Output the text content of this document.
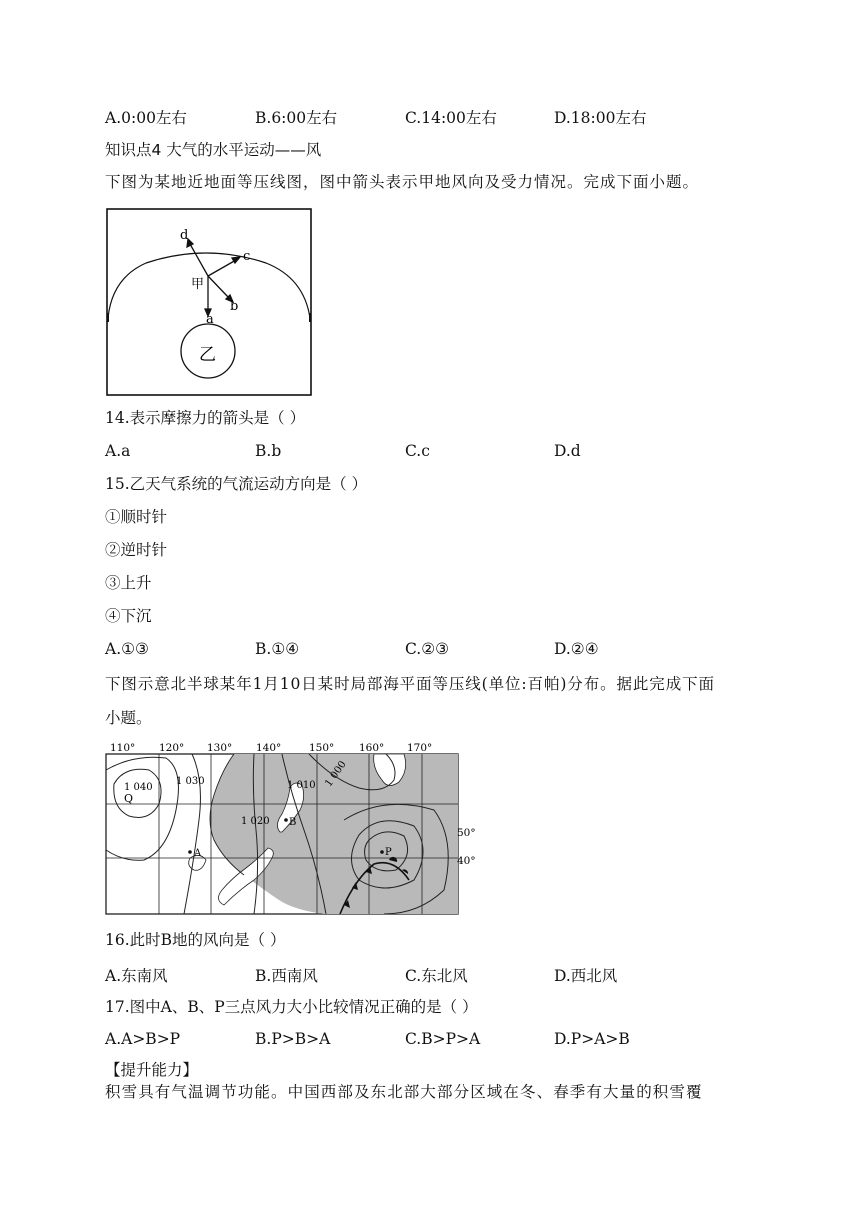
A.0:00左右	B.6:00左右	C.14:00左右	D.18:00左右
知识点4 大气的水平运动——风
下图为某地近地面等压线图，图中箭头表示甲地风向及受力情况。完成下面小题。
乙
d
c
b
a
甲
14.表示摩擦力的箭头是（ ）
A.a	B.b	C.c	D.d
15.乙天气系统的气流运动方向是（ ）
①顺时针
②逆时针
③上升
④下沉
A.①③	B.①④	C.②③	D.②④
下图示意北半球某年1月10日某时局部海平面等压线(单位:百帕)分布。据此完成下面
小题。
Q
A
B
P
1 040
1 030
1 020
1 010 1 000
110° 120° 130° 140°	150° 160° 170°
50°
40°
16.此时B地的风向是（ ）
A.东南风	B.西南风	C.东北风	D.西北风
17.图中A、B、P三点风力大小比较情况正确的是（ ）
A.A>B>P	B.P>B>A	C.B>P>A	D.P>A>B
【提升能力】
积雪具有气温调节功能。中国西部及东北部大部分区域在冬、春季有大量的积雪覆
